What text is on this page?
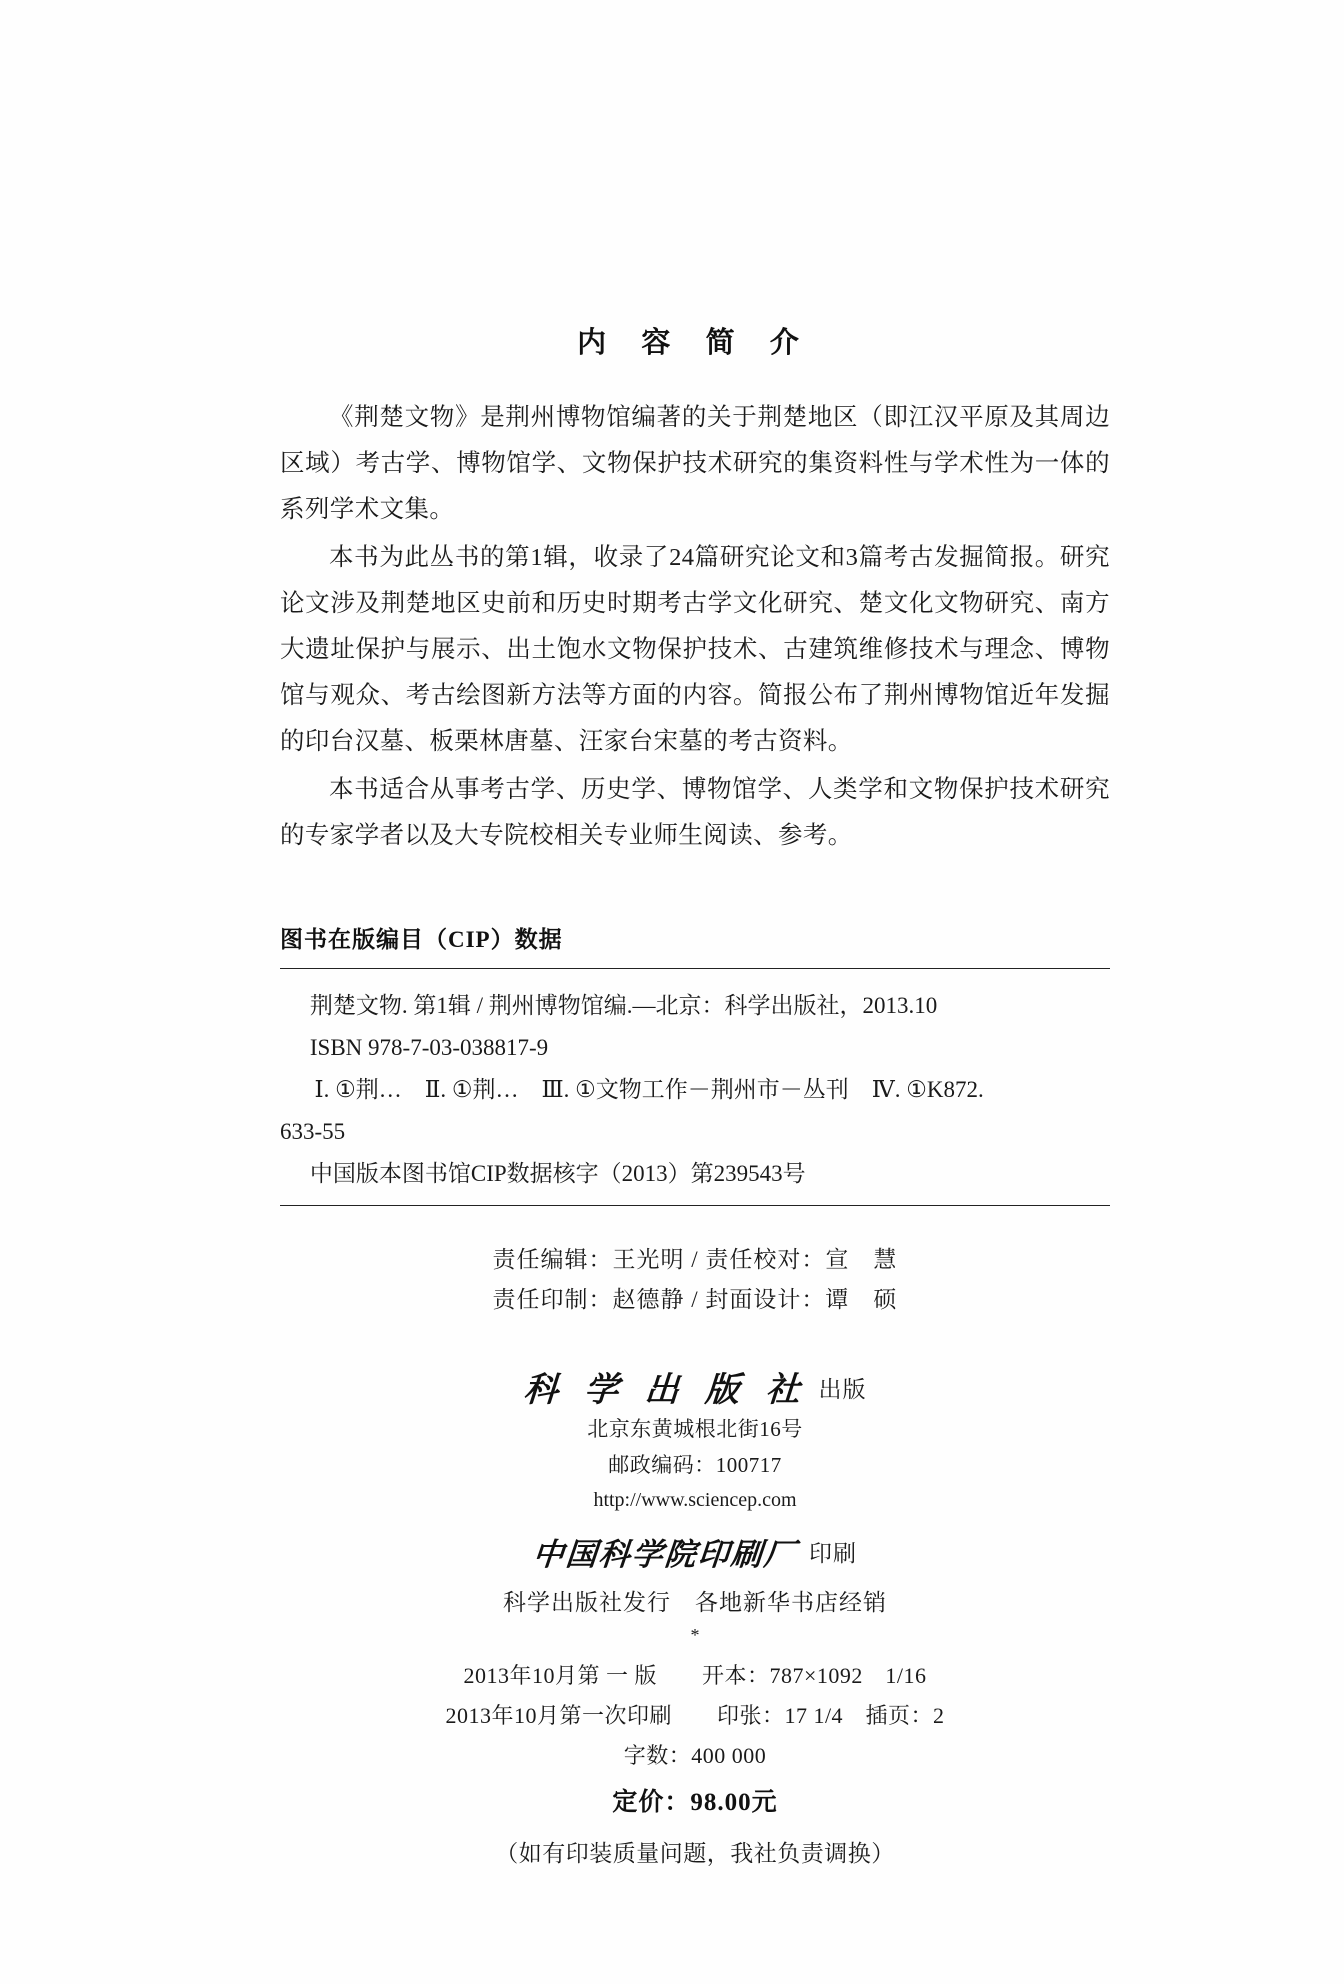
内 容 简 介

《荆楚文物》是荆州博物馆编著的关于荆楚地区（即江汉平原及其周边区域）考古学、博物馆学、文物保护技术研究的集资料性与学术性为一体的系列学术文集。

本书为此丛书的第1辑，收录了24篇研究论文和3篇考古发掘简报。研究论文涉及荆楚地区史前和历史时期考古学文化研究、楚文化文物研究、南方大遗址保护与展示、出土饱水文物保护技术、古建筑维修技术与理念、博物馆与观众、考古绘图新方法等方面的内容。简报公布了荆州博物馆近年发掘的印台汉墓、板栗林唐墓、汪家台宋墓的考古资料。

本书适合从事考古学、历史学、博物馆学、人类学和文物保护技术研究的专家学者以及大专院校相关专业师生阅读、参考。

图书在版编目（CIP）数据

荆楚文物. 第1辑 / 荆州博物馆编.—北京：科学出版社，2013.10

ISBN 978-7-03-038817-9

Ⅰ. ①荆…　Ⅱ. ①荆…　Ⅲ. ①文物工作－荆州市－丛刊　Ⅳ. ①K872.

633-55

中国版本图书馆CIP数据核字（2013）第239543号

责任编辑：王光明 / 责任校对：宣　慧
责任印制：赵德静 / 封面设计：谭　硕
科 学 出 版 社 出版
北京东黄城根北街16号
邮政编码：100717
http://www.sciencep.com
中国科学院印刷厂 印刷
科学出版社发行　各地新华书店经销
*
2013年10月第 一 版　　开本：787×1092　1/16
2013年10月第一次印刷　　印张：17 1/4　插页：2
字数：400 000
定价：98.00元
（如有印装质量问题，我社负责调换）
